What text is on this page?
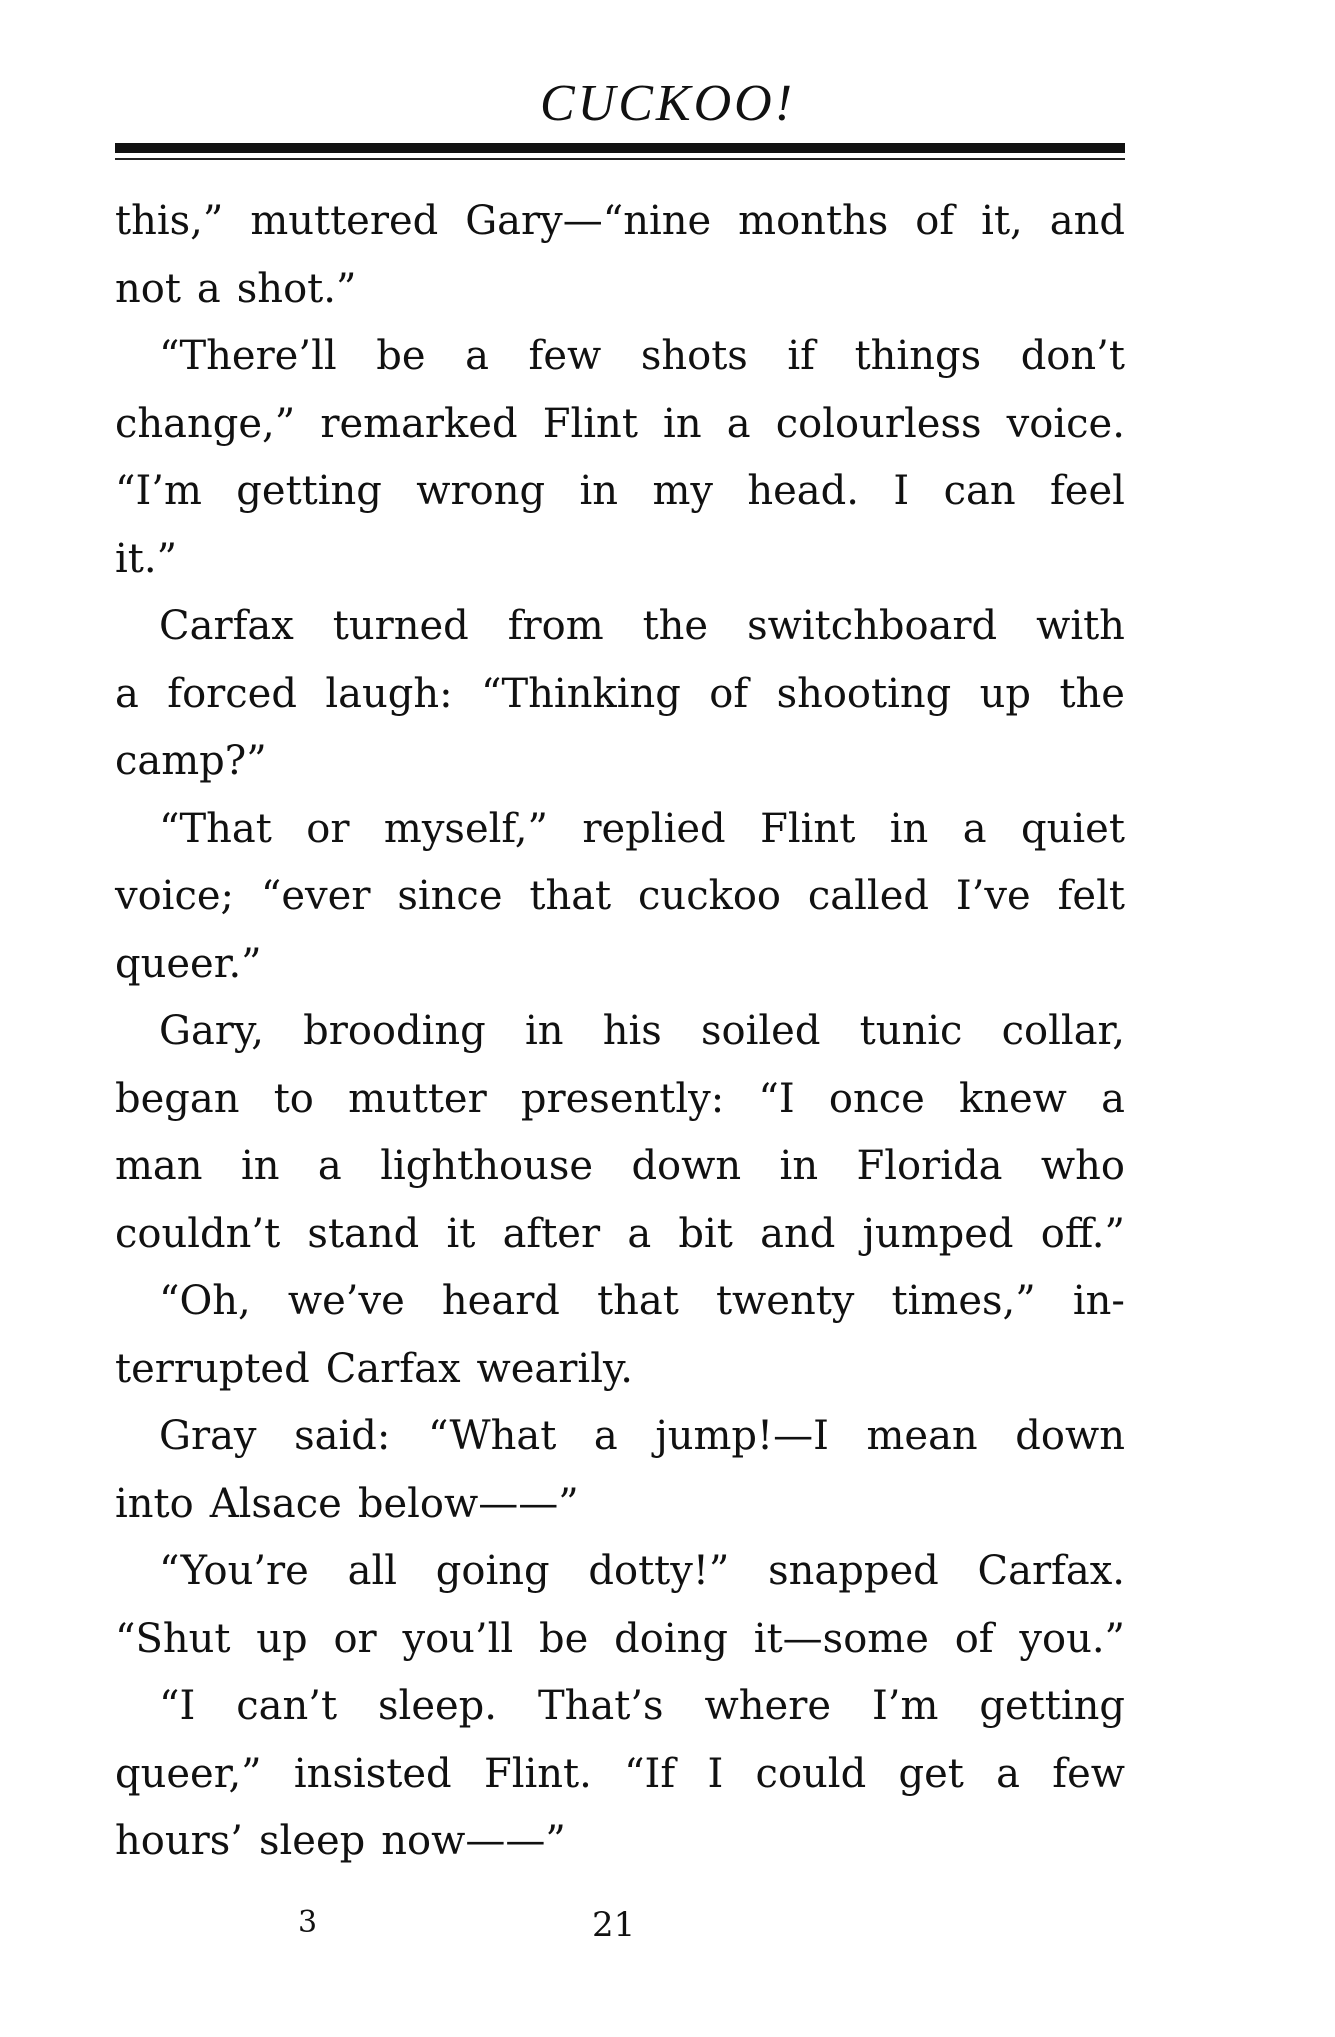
CUCKOO!
this,” muttered Gary—“nine months of it, and
not a shot.”
“There’ll be a few shots if things don’t
change,” remarked Flint in a colourless voice.
“I’m getting wrong in my head. I can feel
it.”
Carfax turned from the switchboard with
a forced laugh: “Thinking of shooting up the
camp?”
“That or myself,” replied Flint in a quiet
voice; “ever since that cuckoo called I’ve felt
queer.”
Gary, brooding in his soiled tunic collar,
began to mutter presently: “I once knew a
man in a lighthouse down in Florida who
couldn’t stand it after a bit and jumped off.”
“Oh, we’ve heard that twenty times,” in-
terrupted Carfax wearily.
Gray said: “What a jump!—I mean down
into Alsace below——”
“You’re all going dotty!” snapped Carfax.
“Shut up or you’ll be doing it—some of you.”
“I can’t sleep. That’s where I’m getting
queer,” insisted Flint. “If I could get a few
hours’ sleep now——”
3	21
